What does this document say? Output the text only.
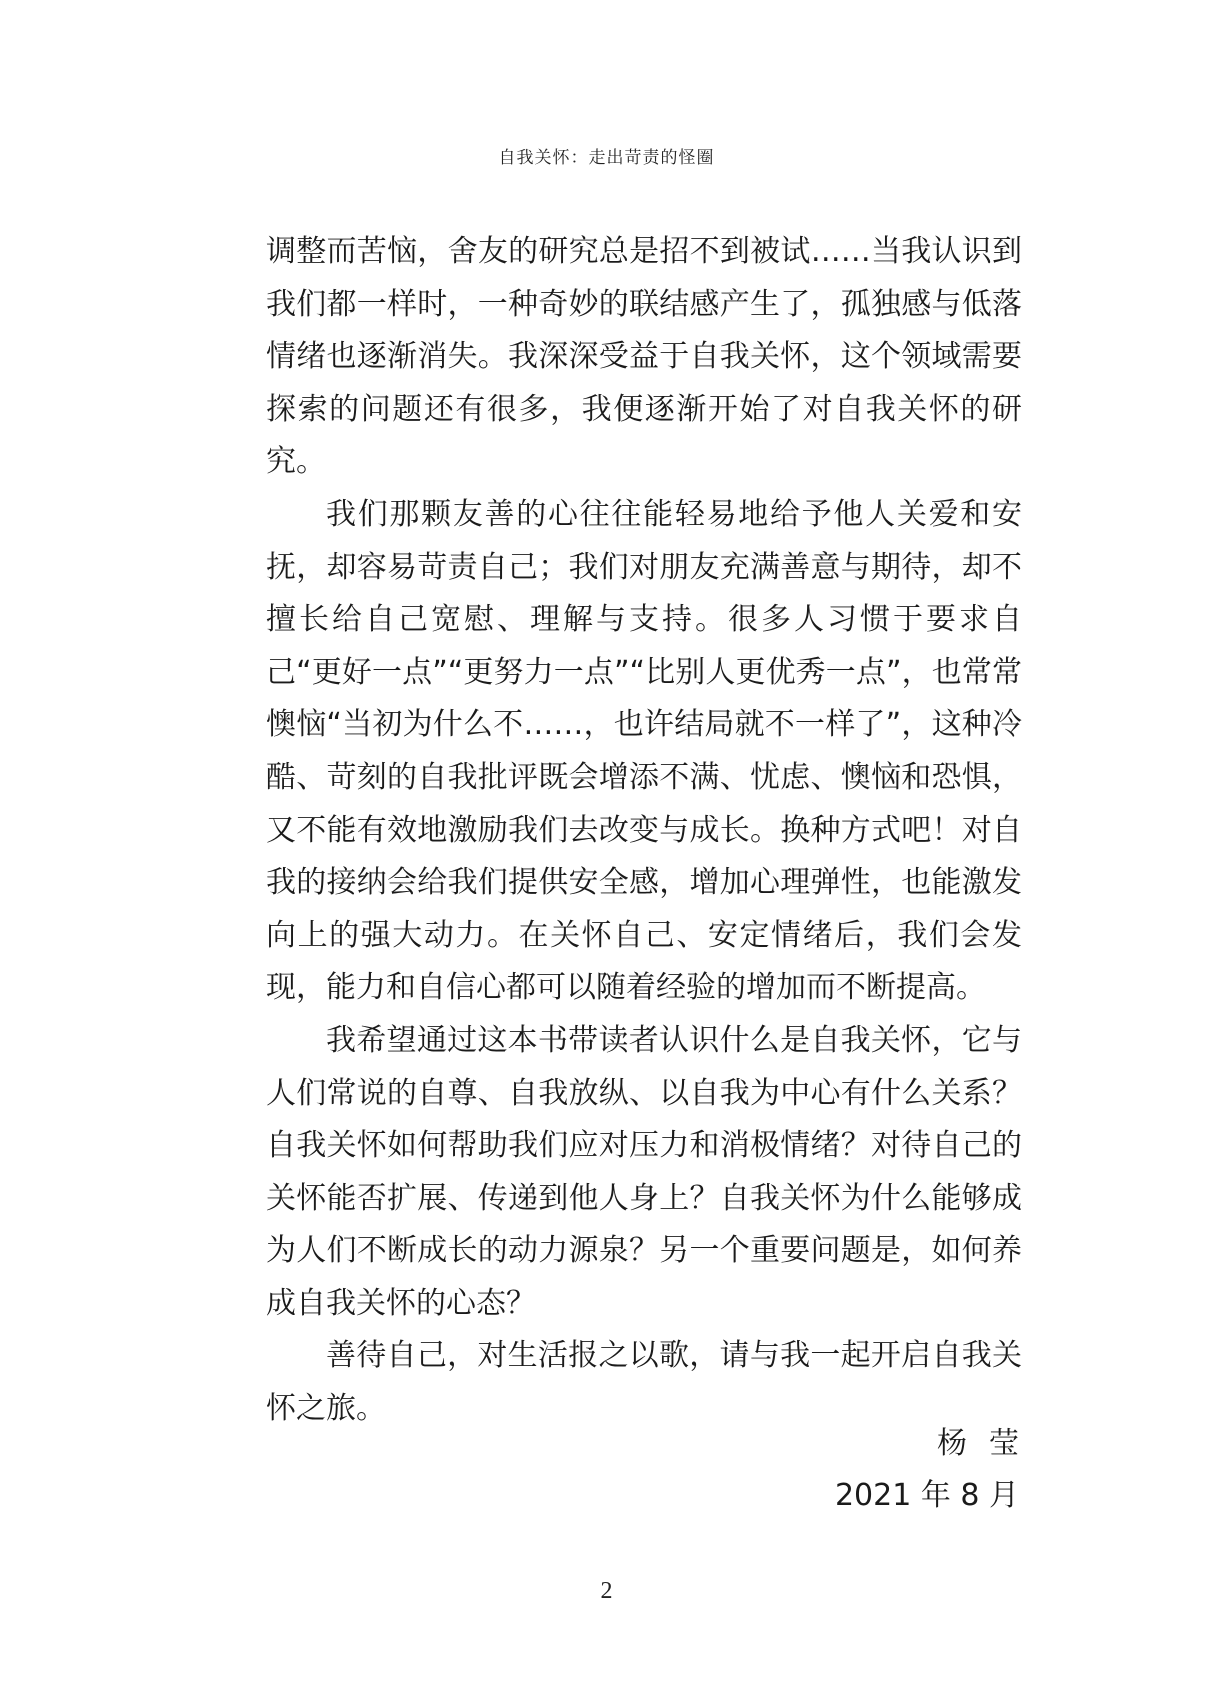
自我关怀：走出苛责的怪圈

调整而苦恼，舍友的研究总是招不到被试……当我认识到我们都一样时，一种奇妙的联结感产生了，孤独感与低落情绪也逐渐消失。我深深受益于自我关怀，这个领域需要探索的问题还有很多，我便逐渐开始了对自我关怀的研究。

我们那颗友善的心往往能轻易地给予他人关爱和安抚，却容易苛责自己；我们对朋友充满善意与期待，却不擅长给自己宽慰、理解与支持。很多人习惯于要求自己“更好一点”“更努力一点”“比别人更优秀一点”，也常常懊恼“当初为什么不……，也许结局就不一样了”，这种冷酷、苛刻的自我批评既会增添不满、忧虑、懊恼和恐惧，又不能有效地激励我们去改变与成长。换种方式吧！对自我的接纳会给我们提供安全感，增加心理弹性，也能激发向上的强大动力。在关怀自己、安定情绪后，我们会发现，能力和自信心都可以随着经验的增加而不断提高。

我希望通过这本书带读者认识什么是自我关怀，它与人们常说的自尊、自我放纵、以自我为中心有什么关系？自我关怀如何帮助我们应对压力和消极情绪？对待自己的关怀能否扩展、传递到他人身上？自我关怀为什么能够成为人们不断成长的动力源泉？另一个重要问题是，如何养成自我关怀的心态？

善待自己，对生活报之以歌，请与我一起开启自我关怀之旅。

杨莹
2021 年 8 月
2
